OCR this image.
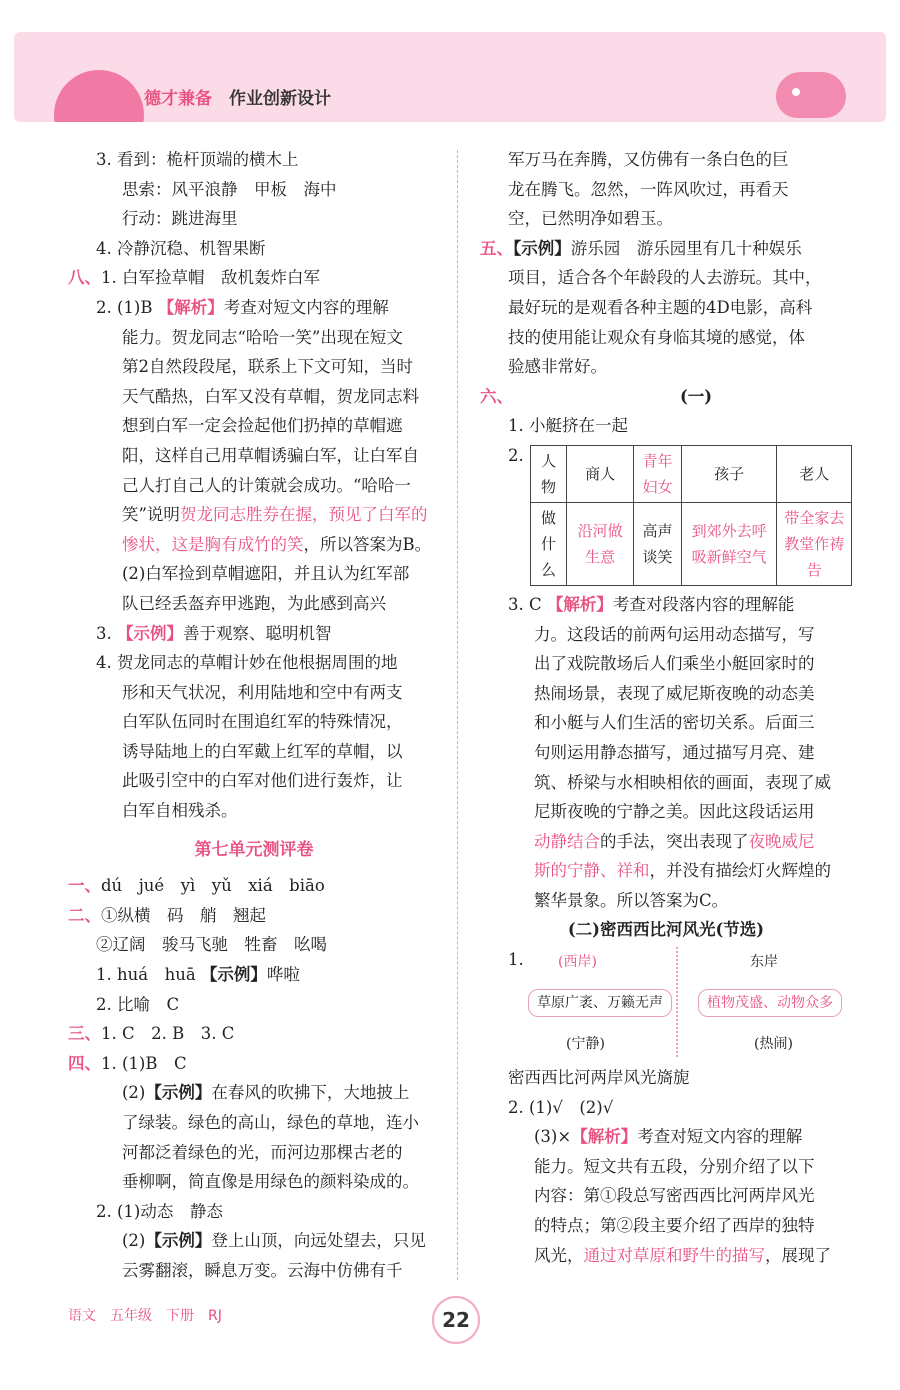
德才兼备 作业创新设计
3. 看到：桅杆顶端的横木上
思索：风平浪静　甲板　海中
行动：跳进海里
4. 冷静沉稳、机智果断
八、1. 白军捡草帽　敌机轰炸白军
2. (1)B 【解析】考查对短文内容的理解
能力。贺龙同志“哈哈一笑”出现在短文
第2自然段段尾，联系上下文可知，当时
天气酷热，白军又没有草帽，贺龙同志料
想到白军一定会捡起他们扔掉的草帽遮
阳，这样自己用草帽诱骗白军，让白军自
己人打自己人的计策就会成功。“哈哈一
笑”说明贺龙同志胜券在握，预见了白军的
惨状，这是胸有成竹的笑，所以答案为B。
(2)白军捡到草帽遮阳，并且认为红军部
队已经丢盔弃甲逃跑，为此感到高兴
3. 【示例】善于观察、聪明机智
4. 贺龙同志的草帽计妙在他根据周围的地
形和天气状况，利用陆地和空中有两支
白军队伍同时在围追红军的特殊情况，
诱导陆地上的白军戴上红军的草帽，以
此吸引空中的白军对他们进行轰炸，让
白军自相残杀。
第七单元测评卷
一、dú　jué　yì　yǔ　xiá　biāo
二、①纵横　码　艄　翘起
②辽阔　骏马飞驰　牲畜　吆喝
1. huá　huā 【示例】哗啦
2. 比喻　C
三、1. C　2. B　3. C
四、1. (1)B　C
(2)【示例】在春风的吹拂下，大地披上
了绿装。绿色的高山，绿色的草地，连小
河都泛着绿色的光，而河边那棵古老的
垂柳啊，简直像是用绿色的颜料染成的。
2. (1)动态　静态
(2)【示例】登上山顶，向远处望去，只见
云雾翻滚，瞬息万变。云海中仿佛有千
军万马在奔腾，又仿佛有一条白色的巨
龙在腾飞。忽然，一阵风吹过，再看天
空，已然明净如碧玉。
五、【示例】游乐园　游乐园里有几十种娱乐
项目，适合各个年龄段的人去游玩。其中，
最好玩的是观看各种主题的4D电影，高科
技的使用能让观众有身临其境的感觉，体
验感非常好。
六、	(一)
1. 小艇挤在一起
2. 人物	商人	青年妇女	孩子	老人
做什么	沿河做生意	高声谈笑	到郊外去呼吸新鲜空气	带全家去教堂作祷告
3. C 【解析】考查对段落内容的理解能
力。这段话的前两句运用动态描写，写
出了戏院散场后人们乘坐小艇回家时的
热闹场景，表现了威尼斯夜晚的动态美
和小艇与人们生活的密切关系。后面三
句则运用静态描写，通过描写月亮、建
筑、桥梁与水相映相依的画面，表现了威
尼斯夜晚的宁静之美。因此这段话运用
动静结合的手法，突出表现了夜晚威尼
斯的宁静、祥和，并没有描绘灯火辉煌的
繁华景象。所以答案为C。
(二)密西西比河风光(节选)
1.	(西岸)	东岸
草原广袤、万籁无声	植物茂盛、动物众多
(宁静)	(热闹)
密西西比河两岸风光旖旎
2. (1)√　(2)√
(3)×【解析】考查对短文内容的理解
能力。短文共有五段，分别介绍了以下
内容：第①段总写密西西比河两岸风光
的特点；第②段主要介绍了西岸的独特
风光，通过对草原和野牛的描写，展现了
语文　五年级　下册　RJ	22
